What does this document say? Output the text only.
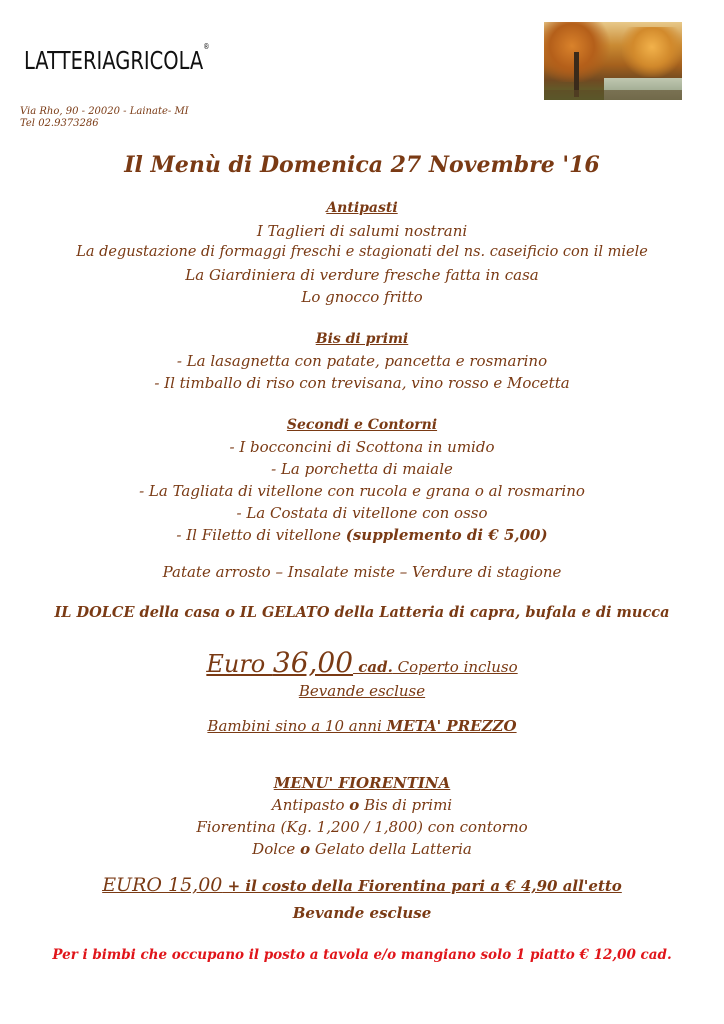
LATTERIAGRICOLA®
Via Rho, 90 - 20020 - Lainate- MI
Tel 02.9373286
Il Menù di Domenica 27 Novembre '16
Antipasti
I Taglieri di salumi nostrani
La degustazione di formaggi freschi e stagionati del ns. caseificio con il miele
La Giardiniera di verdure fresche fatta in casa
Lo gnocco fritto
Bis di primi
- La lasagnetta con patate, pancetta e rosmarino
- Il timballo di riso con trevisana, vino rosso e Mocetta
Secondi e Contorni
- I bocconcini di Scottona in umido
- La porchetta di maiale
- La Tagliata di vitellone con rucola e grana o al rosmarino
- La Costata di vitellone con osso
- Il Filetto di vitellone (supplemento di € 5,00)
Patate arrosto – Insalate miste – Verdure di stagione
IL DOLCE della casa o IL GELATO della Latteria di capra, bufala e di mucca
Euro 36,00 cad. Coperto incluso
Bevande escluse
Bambini sino a 10 anni META' PREZZO
MENU' FIORENTINA
Antipasto o Bis di primi
Fiorentina (Kg. 1,200 / 1,800) con contorno
Dolce o Gelato della Latteria
EURO 15,00 + il costo della Fiorentina pari a € 4,90 all'etto
Bevande escluse
Per i bimbi che occupano il posto a tavola e/o mangiano solo 1 piatto € 12,00 cad.
